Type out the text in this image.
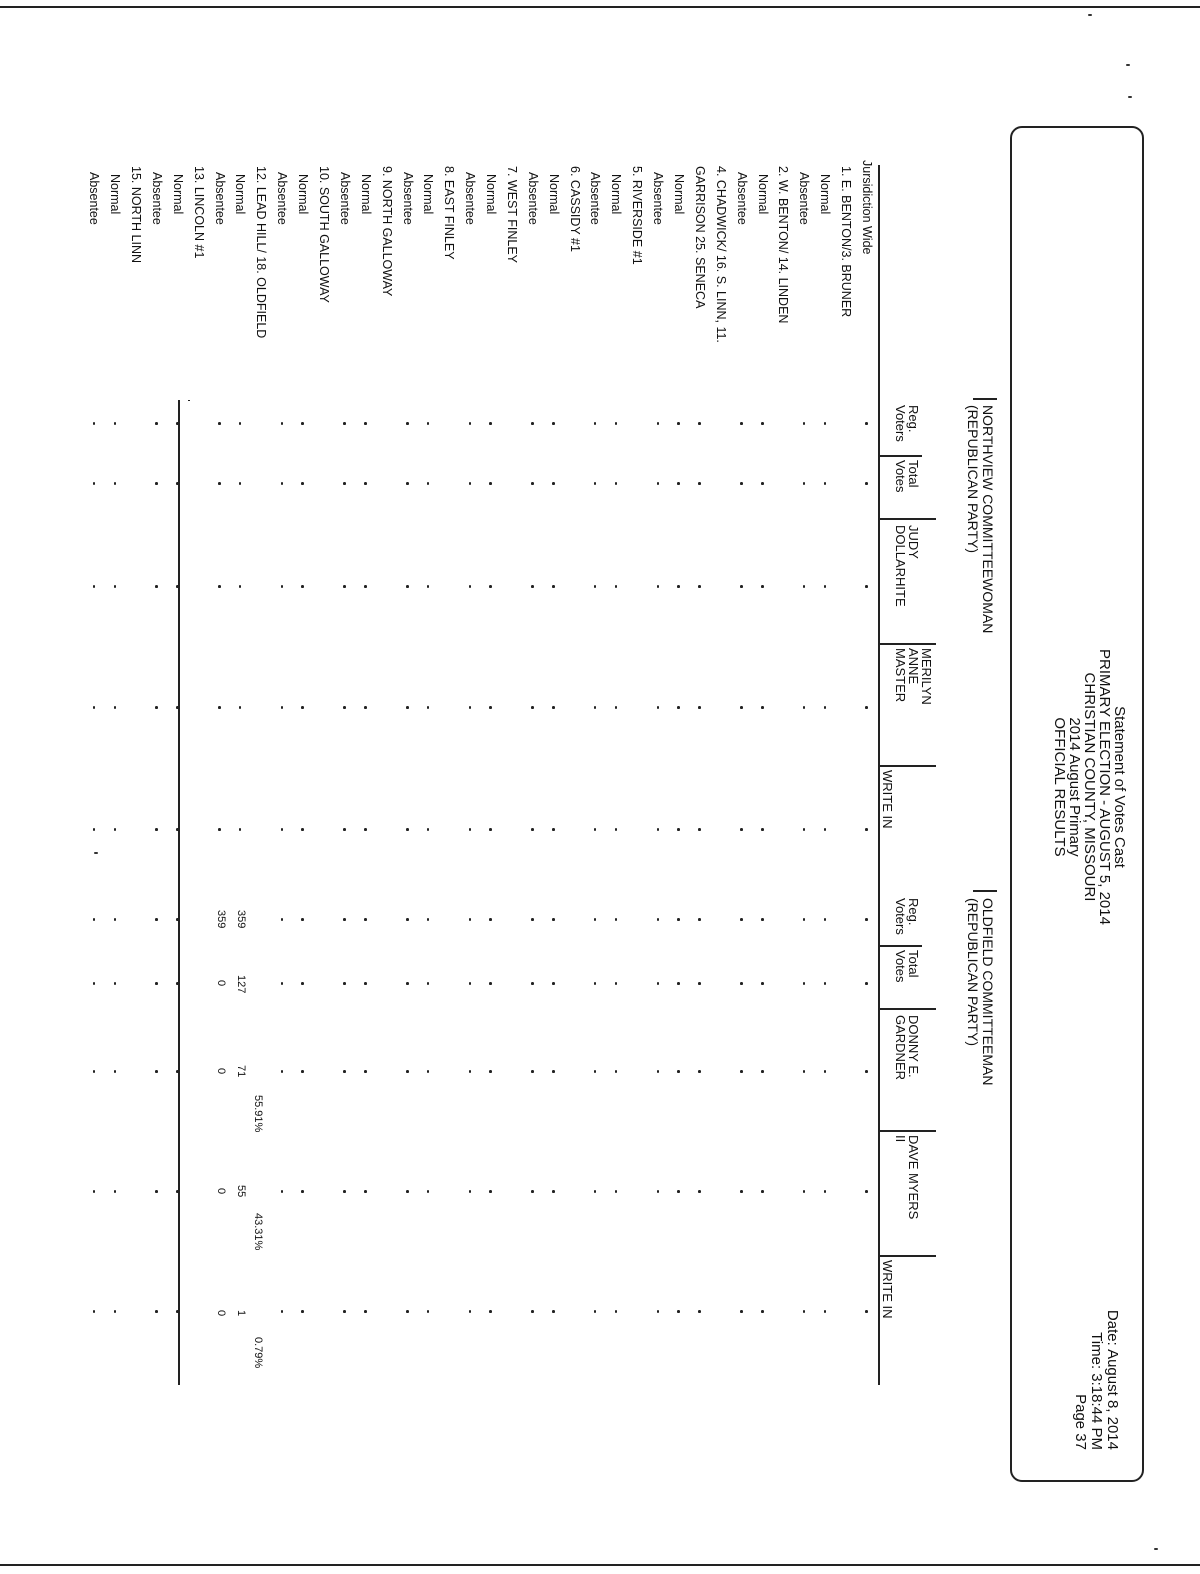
Statement of Votes Cast
PRIMARY ELECTION - AUGUST 5, 2014
CHRISTIAN COUNTY, MISSOURI
2014 August Primary
OFFICIAL RESULTS
Date: August 8, 2014
Time: 3:18:44 PM
Page 37
NORTHVIEW COMMITTEEWOMAN
(REPUBLICAN PARTY)
OLDFIELD COMMITTEEMAN
(REPUBLICAN PARTY)
Reg.
Voters
Total
Votes
JUDY
DOLLARHITE
MERILYN
ANNE
MASTER
WRITE IN
Reg.
Voters
Total
Votes
DONNY E.
GARDNER
DAVE MYERS
II
WRITE IN
Jursidiction Wide
1. E. BENTON/3. BRUNER
Normal
Absentee
2. W. BENTON/ 14. LINDEN
Normal
Absentee
4. CHADWICK/ 16. S. LINN, 11.
GARRISON 25. SENECA
Normal
Absentee
5. RIVERSIDE #1
Normal
Absentee
6. CASSIDY #1
Normal
Absentee
7. WEST FINLEY
Normal
Absentee
8. EAST FINLEY
Normal
Absentee
9. NORTH GALLOWAY
Normal
Absentee
10. SOUTH GALLOWAY
Normal
Absentee
12. LEAD HILL/ 18. OLDFIELD
Normal
Absentee
13. LINCOLN #1
Normal
Absentee
15. NORTH LINN
Normal
Absentee
359
127
71
55.91%
55
43.31%
1
0.79%
359
0
0
0
0
